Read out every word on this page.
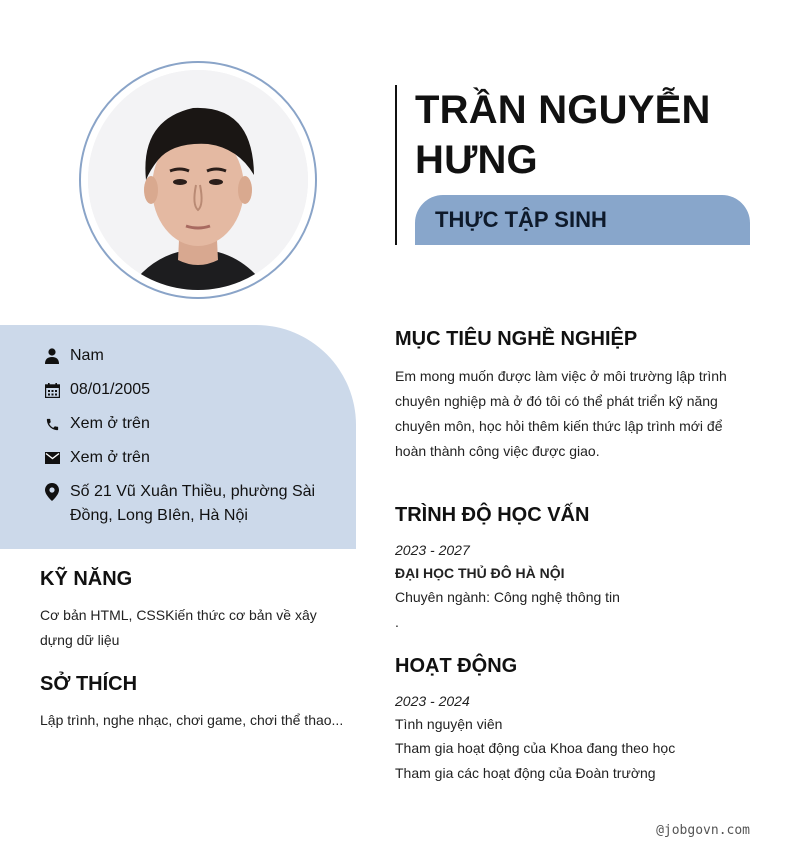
TRẦN NGUYỄN
HƯNG
THỰC TẬP SINH
Nam
08/01/2005
Xem ở trên
Xem ở trên
Số 21 Vũ Xuân Thiều, phường Sài Đồng, Long BIên, Hà Nội
KỸ NĂNG

Cơ bản HTML, CSSKiến thức cơ bản về xây dựng dữ liệu

SỞ THÍCH

Lập trình, nghe nhạc, chơi game, chơi thể thao...

MỤC TIÊU NGHỀ NGHIỆP

Em mong muốn được làm việc ở môi trường lập trình chuyên nghiệp mà ở đó tôi có thể phát triển kỹ năng chuyên môn, học hỏi thêm kiến thức lập trình mới để hoàn thành công việc được giao.

TRÌNH ĐỘ HỌC VẤN

2023 - 2027

ĐẠI HỌC THỦ ĐÔ HÀ NỘI

Chuyên ngành: Công nghệ thông tin

.

HOẠT ĐỘNG

2023 - 2024

Tình nguyện viên

Tham gia hoạt động của Khoa đang theo học

Tham gia các hoạt động của Đoàn trường

@jobgovn.com
